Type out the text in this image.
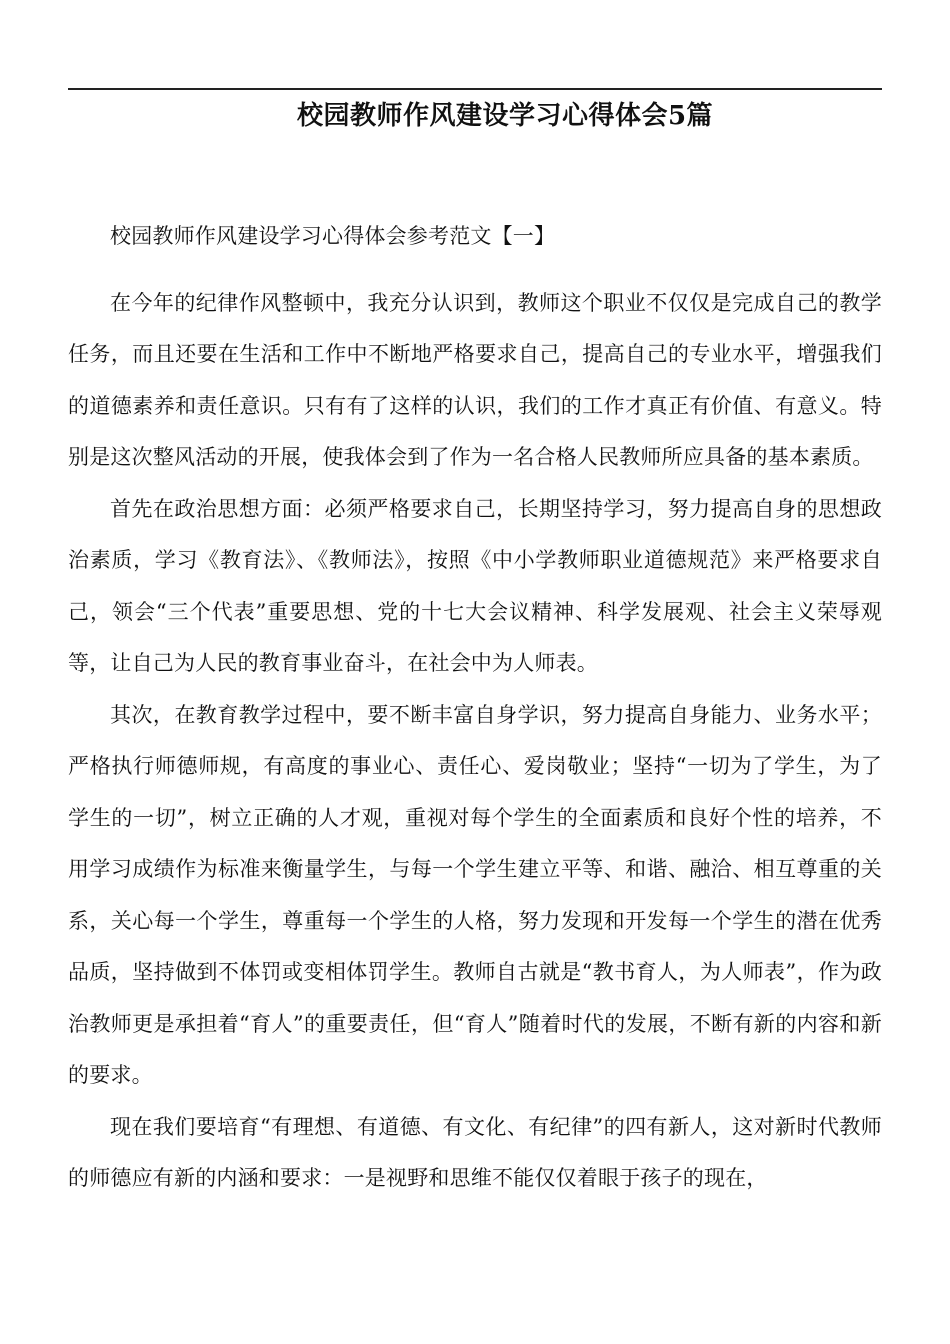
校园教师作风建设学习心得体会5篇

校园教师作风建设学习心得体会参考范文【一】

在今年的纪律作风整顿中，我充分认识到，教师这个职业不仅仅是完成自己的教学任务，而且还要在生活和工作中不断地严格要求自己，提高自己的专业水平，增强我们的道德素养和责任意识。只有有了这样的认识，我们的工作才真正有价值、有意义。特别是这次整风活动的开展，使我体会到了作为一名合格人民教师所应具备的基本素质。

首先在政治思想方面：必须严格要求自己，长期坚持学习，努力提高自身的思想政治素质，学习《教育法》、《教师法》，按照《中小学教师职业道德规范》来严格要求自己，领会“三个代表”重要思想、党的十七大会议精神、科学发展观、社会主义荣辱观等，让自己为人民的教育事业奋斗，在社会中为人师表。

其次，在教育教学过程中，要不断丰富自身学识，努力提高自身能力、业务水平；严格执行师德师规，有高度的事业心、责任心、爱岗敬业；坚持“一切为了学生，为了学生的一切”，树立正确的人才观，重视对每个学生的全面素质和良好个性的培养，不用学习成绩作为标准来衡量学生，与每一个学生建立平等、和谐、融洽、相互尊重的关系，关心每一个学生，尊重每一个学生的人格，努力发现和开发每一个学生的潜在优秀品质，坚持做到不体罚或变相体罚学生。教师自古就是“教书育人，为人师表”，作为政治教师更是承担着“育人”的重要责任，但“育人”随着时代的发展，不断有新的内容和新的要求。

现在我们要培育“有理想、有道德、有文化、有纪律”的四有新人，这对新时代教师的师德应有新的内涵和要求：一是视野和思维不能仅仅着眼于孩子的现在，
